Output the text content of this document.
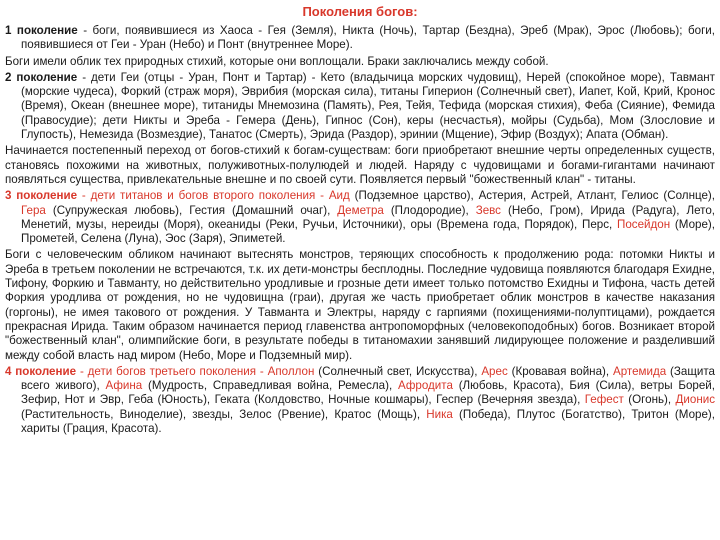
Поколения богов:

1 поколение - боги, появившиеся из Хаоса - Гея (Земля), Никта (Ночь), Тартар (Бездна), Эреб (Мрак), Эрос (Любовь); боги, появившиеся от Геи - Уран (Небо) и Понт (внутреннее Море).

Боги имели облик тех природных стихий, которые они воплощали. Браки заключались между собой.

2 поколение - дети Геи (отцы - Уран, Понт и Тартар) - Кето (владычица морских чудовищ), Нерей (спокойное море), Тавмант (морские чудеса), Форкий (страж моря), Эврибия (морская сила), титаны Гиперион (Солнечный свет), Иапет, Кой, Крий, Кронос (Время), Океан (внешнее море), титаниды Мнемозина (Память), Рея, Тейя, Тефида (морская стихия), Феба (Сияние), Фемида (Правосудие); дети Никты и Эреба - Гемера (День), Гипнос (Сон), керы (несчастья), мойры (Судьба), Мом (Злословие и Глупость), Немезида (Возмездие), Танатос (Смерть), Эрида (Раздор), эринии (Мщение), Эфир (Воздух); Апата (Обман).

Начинается постепенный переход от богов-стихий к богам-существам: боги приобретают внешние черты определенных существ, становясь похожими на животных, полуживотных-полулюдей и людей. Наряду с чудовищами и богами-гигантами начинают появляться существа, привлекательные внешне и по своей сути. Появляется первый "божественный клан" - титаны.

3 поколение - дети титанов и богов второго поколения - Аид (Подземное царство), Астерия, Астрей, Атлант, Гелиос (Солнце), Гера (Супружеская любовь), Гестия (Домашний очаг), Деметра (Плодородие), Зевс (Небо, Гром), Ирида (Радуга), Лето, Менетий, музы, нереиды (Моря), океаниды (Реки, Ручьи, Источники), оры (Времена года, Порядок), Перс, Посейдон (Море), Прометей, Селена (Луна), Эос (Заря), Эпиметей.

Боги с человеческим обликом начинают вытеснять монстров, теряющих способность к продолжению рода: потомки Никты и Эреба в третьем поколении не встречаются, т.к. их дети-монстры бесплодны. Последние чудовища появляются благодаря Ехидне, Тифону, Форкию и Тавманту, но действительно уродливые и грозные дети имеет только потомство Ехидны и Тифона, часть детей Форкия уродлива от рождения, но не чудовищна (граи), другая же часть приобретает облик монстров в качестве наказания (горгоны), не имея такового от рождения. У Тавманта и Электры, наряду с гарпиями (похищениями-полуптицами), рождается прекрасная Ирида. Таким образом начинается период главенства антропоморфных (человекоподобных) богов. Возникает второй "божественный клан", олимпийские боги, в результате победы в титаномахии занявший лидирующее положение и разделивший между собой власть над миром (Небо, Море и Подземный мир).

4 поколение - дети богов третьего поколения - Аполлон (Солнечный свет, Искусства), Арес (Кровавая война), Артемида (Защита всего живого), Афина (Мудрость, Справедливая война, Ремесла), Афродита (Любовь, Красота), Бия (Сила), ветры Борей, Зефир, Нот и Эвр, Геба (Юность), Геката (Колдовство, Ночные кошмары), Геспер (Вечерняя звезда), Гефест (Огонь), Дионис (Растительность, Виноделие), звезды, Зелос (Рвение), Кратос (Мощь), Ника (Победа), Плутос (Богатство), Тритон (Море), хариты (Грация, Красота).
